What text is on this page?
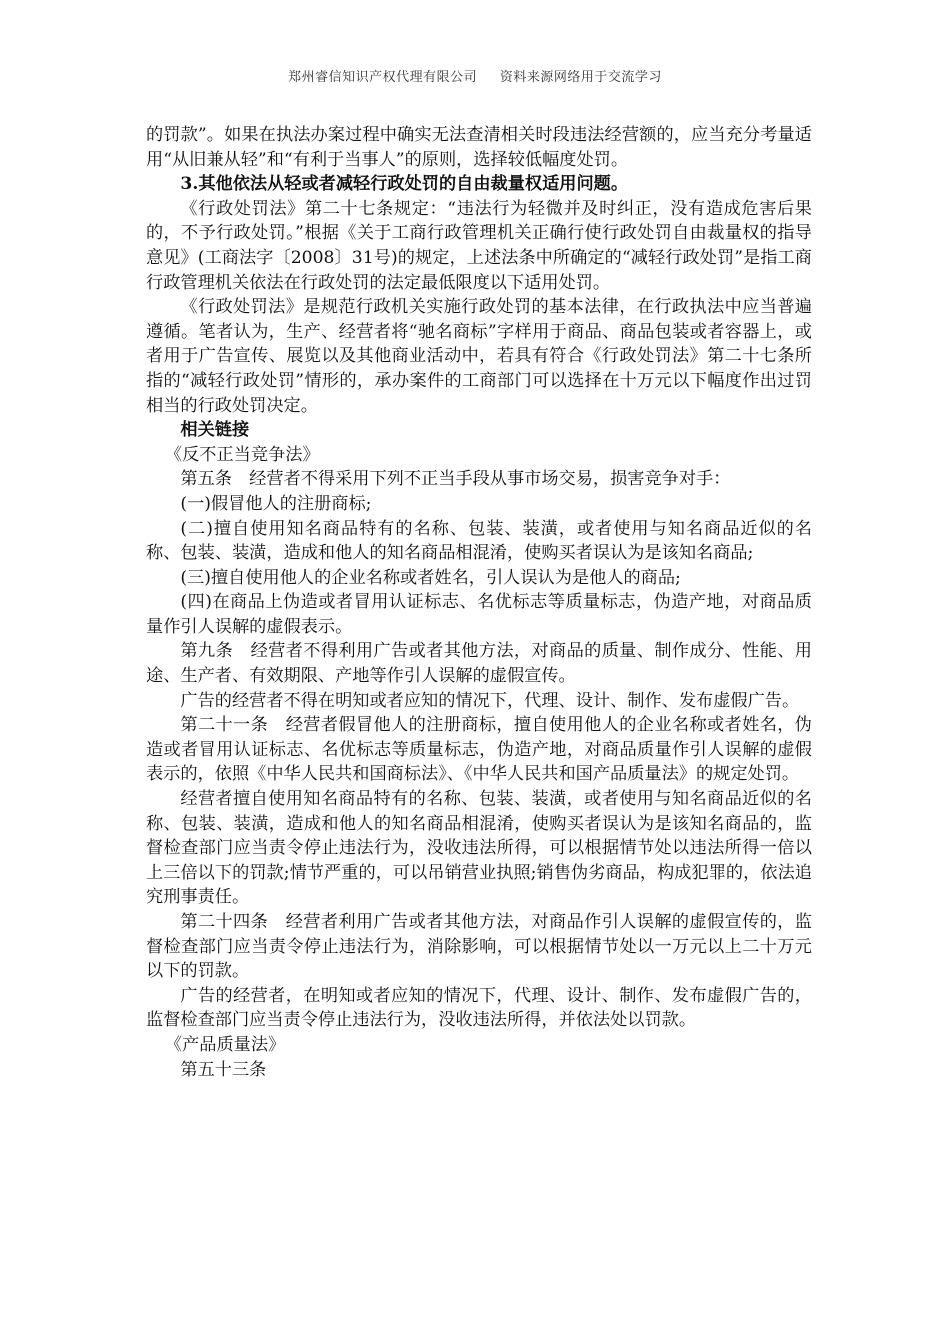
郑州睿信知识产权代理有限公司 资料来源网络用于交流学习

的罚款”。如果在执法办案过程中确实无法查清相关时段违法经营额的，应当充分考量适用“从旧兼从轻”和“有利于当事人”的原则，选择较低幅度处罚。

3.其他依法从轻或者减轻行政处罚的自由裁量权适用问题。

《行政处罚法》第二十七条规定：“违法行为轻微并及时纠正，没有造成危害后果的，不予行政处罚。”根据《关于工商行政管理机关正确行使行政处罚自由裁量权的指导意见》(工商法字〔2008〕31号)的规定，上述法条中所确定的“减轻行政处罚”是指工商行政管理机关依法在行政处罚的法定最低限度以下适用处罚。

《行政处罚法》是规范行政机关实施行政处罚的基本法律，在行政执法中应当普遍遵循。笔者认为，生产、经营者将“驰名商标”字样用于商品、商品包装或者容器上，或者用于广告宣传、展览以及其他商业活动中，若具有符合《行政处罚法》第二十七条所指的“减轻行政处罚”情形的，承办案件的工商部门可以选择在十万元以下幅度作出过罚相当的行政处罚决定。

相关链接

《反不正当竞争法》

第五条　经营者不得采用下列不正当手段从事市场交易，损害竞争对手：

(一)假冒他人的注册商标;

(二)擅自使用知名商品特有的名称、包装、装潢，或者使用与知名商品近似的名称、包装、装潢，造成和他人的知名商品相混淆，使购买者误认为是该知名商品;

(三)擅自使用他人的企业名称或者姓名，引人误认为是他人的商品;

(四)在商品上伪造或者冒用认证标志、名优标志等质量标志，伪造产地，对商品质量作引人误解的虚假表示。

第九条　经营者不得利用广告或者其他方法，对商品的质量、制作成分、性能、用途、生产者、有效期限、产地等作引人误解的虚假宣传。

广告的经营者不得在明知或者应知的情况下，代理、设计、制作、发布虚假广告。

第二十一条　经营者假冒他人的注册商标，擅自使用他人的企业名称或者姓名，伪造或者冒用认证标志、名优标志等质量标志，伪造产地，对商品质量作引人误解的虚假表示的，依照《中华人民共和国商标法》、《中华人民共和国产品质量法》的规定处罚。

经营者擅自使用知名商品特有的名称、包装、装潢，或者使用与知名商品近似的名称、包装、装潢，造成和他人的知名商品相混淆，使购买者误认为是该知名商品的，监督检查部门应当责令停止违法行为，没收违法所得，可以根据情节处以违法所得一倍以上三倍以下的罚款;情节严重的，可以吊销营业执照;销售伪劣商品，构成犯罪的，依法追究刑事责任。

第二十四条　经营者利用广告或者其他方法，对商品作引人误解的虚假宣传的，监督检查部门应当责令停止违法行为，消除影响，可以根据情节处以一万元以上二十万元以下的罚款。

广告的经营者，在明知或者应知的情况下，代理、设计、制作、发布虚假广告的，监督检查部门应当责令停止违法行为，没收违法所得，并依法处以罚款。

《产品质量法》

第五十三条
